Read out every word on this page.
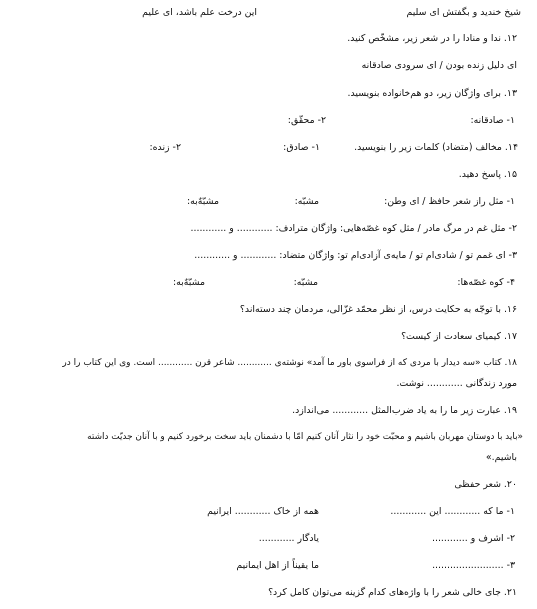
شیخ خندید و بگفتش ای سلیم
این درخت علم باشد، ای علیم
۱۲. ندا و منادا را در شعر زیر، مشخّص کنید.
ای دلیل زنده بودن / ای سرودی صادقانه
۱۳. برای واژگان زیر، دو هم‌خانواده بنویسید.
۱- صادقانه:
۲- محقّق:
۱۴. مخالف (متضاد) کلمات زیر را بنویسید.
۱- صادق:
۲- زنده:
۱۵. پاسخ دهید.
۱- مثل راز شعر حافظ / ای وطن:
مشبّه:
مشبّهٌ‌به:
۲- مثل غم در مرگ مادر / مثل کوه غصّه‌هایی: واژگان مترادف: ............ و ............
۳- ای غمم تو / شادی‌ام تو / مایه‌ی آزادی‌ام تو: واژگان متضاد: ............ و ............
۴- کوه غصّه‌ها:
مشبّه:
مشبّهٌ‌به:
۱۶. با توجّه به حکایت درس، از نظر محمّد غزّالی، مردمان چند دسته‌اند؟
۱۷. کیمیای سعادت از کیست؟
۱۸. کتاب «سه دیدار با مردی که از فراسوی باور ما آمد» نوشته‌ی ............ شاعر قرن ............ است. وی این کتاب را در
مورد زندگانی ............ نوشت.
۱۹. عبارت زیر ما را به یاد ضرب‌المثل ............ می‌اندازد.
«باید با دوستان مهربان باشیم و محبّت خود را نثار آنان کنیم امّا با دشمنان باید سخت برخورد کنیم و با آنان جدیّت داشته
باشیم.»
۲۰. شعر حفظی
۱- ما که ............ این ............
همه از خاک ............ ایرانیم
۲- اشرف و ............
یادگار ............
۳- ........................
ما یقیناً از اهل ایمانیم
۲۱. جای خالی شعر را با واژه‌های کدام گزینه می‌توان کامل کرد؟
